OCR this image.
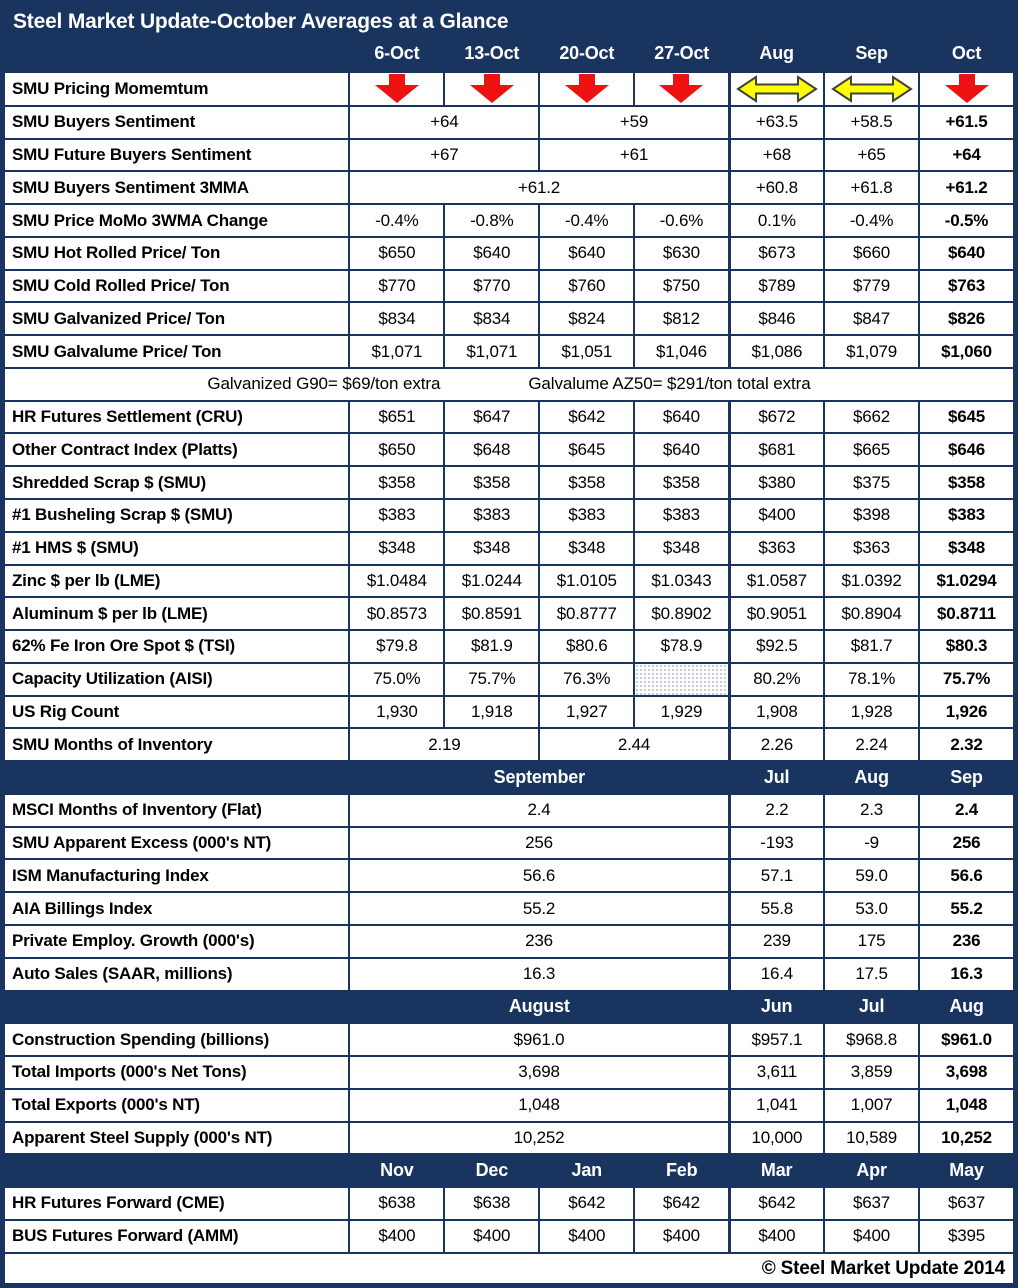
Steel Market Update-October Averages at a Glance							
	6-Oct	13-Oct	20-Oct	27-Oct	Aug	Sep	Oct
SMU Pricing Momemtum							
SMU Buyers Sentiment	+64		+59		+63.5	+58.5	+61.5
SMU Future Buyers Sentiment	+67		+61		+68	+65	+64
SMU Buyers Sentiment 3MMA	+61.2				+60.8	+61.8	+61.2
SMU Price MoMo 3WMA Change	-0.4%	-0.8%	-0.4%	-0.6%	0.1%	-0.4%	-0.5%
SMU Hot Rolled Price/ Ton	$650	$640	$640	$630	$673	$660	$640
SMU Cold Rolled Price/ Ton	$770	$770	$760	$750	$789	$779	$763
SMU Galvanized Price/ Ton	$834	$834	$824	$812	$846	$847	$826
SMU Galvalume Price/ Ton	$1,071	$1,071	$1,051	$1,046	$1,086	$1,079	$1,060
Galvanized G90= $69/ton extra Galvalume AZ50= $291/ton total extra							
HR Futures Settlement (CRU)	$651	$647	$642	$640	$672	$662	$645
Other Contract Index (Platts)	$650	$648	$645	$640	$681	$665	$646
Shredded Scrap $ (SMU)	$358	$358	$358	$358	$380	$375	$358
#1 Busheling Scrap $ (SMU)	$383	$383	$383	$383	$400	$398	$383
#1 HMS $ (SMU)	$348	$348	$348	$348	$363	$363	$348
Zinc $ per lb (LME)	$1.0484	$1.0244	$1.0105	$1.0343	$1.0587	$1.0392	$1.0294
Aluminum $ per lb (LME)	$0.8573	$0.8591	$0.8777	$0.8902	$0.9051	$0.8904	$0.8711
62% Fe Iron Ore Spot $ (TSI)	$79.8	$81.9	$80.6	$78.9	$92.5	$81.7	$80.3
Capacity Utilization (AISI)	75.0%	75.7%	76.3%		80.2%	78.1%	75.7%
US Rig Count	1,930	1,918	1,927	1,929	1,908	1,928	1,926
SMU Months of Inventory	2.19		2.44		2.26	2.24	2.32
	September				Jul	Aug	Sep
MSCI Months of Inventory (Flat)	2.4				2.2	2.3	2.4
SMU Apparent Excess (000's NT)	256				-193	-9	256
ISM Manufacturing Index	56.6				57.1	59.0	56.6
AIA Billings Index	55.2				55.8	53.0	55.2
Private Employ. Growth (000's)	236				239	175	236
Auto Sales (SAAR, millions)	16.3				16.4	17.5	16.3
	August				Jun	Jul	Aug
Construction Spending (billions)	$961.0				$957.1	$968.8	$961.0
Total Imports (000's Net Tons)	3,698				3,611	3,859	3,698
Total Exports (000's NT)	1,048				1,041	1,007	1,048
Apparent Steel Supply (000's NT)	10,252				10,000	10,589	10,252
	Nov	Dec	Jan	Feb	Mar	Apr	May
HR Futures Forward (CME)	$638	$638	$642	$642	$642	$637	$637
BUS Futures Forward (AMM)	$400	$400	$400	$400	$400	$400	$395
© Steel Market Update 2014							
